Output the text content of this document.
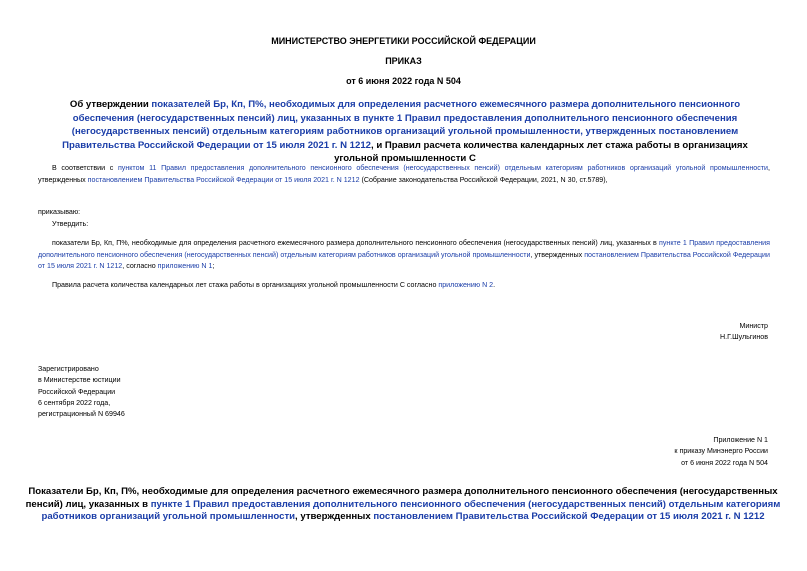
МИНИСТЕРСТВО ЭНЕРГЕТИКИ РОССИЙСКОЙ ФЕДЕРАЦИИ
ПРИКАЗ
от 6 июня 2022 года N 504
Об утверждении показателей Бр, Кп, П%, необходимых для определения расчетного ежемесячного размера дополнительного пенсионного обеспечения (негосударственных пенсий) лиц, указанных в пункте 1 Правил предоставления дополнительного пенсионного обеспечения (негосударственных пенсий) отдельным категориям работников организаций угольной промышленности, утвержденных постановлением Правительства Российской Федерации от 15 июля 2021 г. N 1212, и Правил расчета количества календарных лет стажа работы в организациях угольной промышленности С
В соответствии с пунктом 11 Правил предоставления дополнительного пенсионного обеспечения (негосударственных пенсий) отдельным категориям работников организаций угольной промышленности, утвержденных постановлением Правительства Российской Федерации от 15 июля 2021 г. N 1212 (Собрание законодательства Российской Федерации, 2021, N 30, ст.5789),
приказываю:
Утвердить:
показатели Бр, Кп, П%, необходимые для определения расчетного ежемесячного размера дополнительного пенсионного обеспечения (негосударственных пенсий) лиц, указанных в пункте 1 Правил предоставления дополнительного пенсионного обеспечения (негосударственных пенсий) отдельным категориям работников организаций угольной промышленности, утвержденных постановлением Правительства Российской Федерации от 15 июля 2021 г. N 1212, согласно приложению N 1;
Правила расчета количества календарных лет стажа работы в организациях угольной промышленности С согласно приложению N 2.
Министр
Н.Г.Шульгинов
Зарегистрировано
в Министерстве юстиции
Российской Федерации
6 сентября 2022 года,
регистрационный N 69946
Приложение N 1
к приказу Минэнерго России
от 6 июня 2022 года N 504
Показатели Бр, Кп, П%, необходимые для определения расчетного ежемесячного размера дополнительного пенсионного обеспечения (негосударственных пенсий) лиц, указанных в пункте 1 Правил предоставления дополнительного пенсионного обеспечения (негосударственных пенсий) отдельным категориям работников организаций угольной промышленности, утвержденных постановлением Правительства Российской Федерации от 15 июля 2021 г. N 1212
